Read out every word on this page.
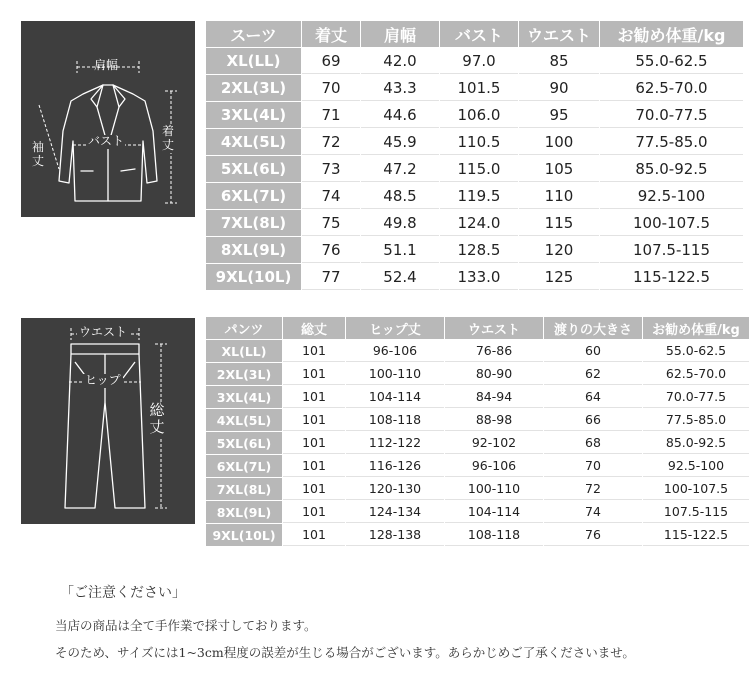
肩幅
袖丈
バスト
着丈
スーツ	着丈	肩幅	バスト	ウエスト	お勧め体重/kg
XL(LL)	69	42.0	97.0	85	55.0-62.5
2XL(3L)	70	43.3	101.5	90	62.5-70.0
3XL(4L)	71	44.6	106.0	95	70.0-77.5
4XL(5L)	72	45.9	110.5	100	77.5-85.0
5XL(6L)	73	47.2	115.0	105	85.0-92.5
6XL(7L)	74	48.5	119.5	110	92.5-100
7XL(8L)	75	49.8	124.0	115	100-107.5
8XL(9L)	76	51.1	128.5	120	107.5-115
9XL(10L)	77	52.4	133.0	125	115-122.5
ウエスト
ヒップ
総丈
パンツ	総丈	ヒップ丈	ウエスト	渡りの大きさ	お勧め体重/kg
XL(LL)	101	96-106	76-86	60	55.0-62.5
2XL(3L)	101	100-110	80-90	62	62.5-70.0
3XL(4L)	101	104-114	84-94	64	70.0-77.5
4XL(5L)	101	108-118	88-98	66	77.5-85.0
5XL(6L)	101	112-122	92-102	68	85.0-92.5
6XL(7L)	101	116-126	96-106	70	92.5-100
7XL(8L)	101	120-130	100-110	72	100-107.5
8XL(9L)	101	124-134	104-114	74	107.5-115
9XL(10L)	101	128-138	108-118	76	115-122.5
「ご注意ください」
当店の商品は全て手作業で採寸しております。
そのため、サイズには1~3cm程度の誤差が生じる場合がございます。あらかじめご了承くださいませ。
